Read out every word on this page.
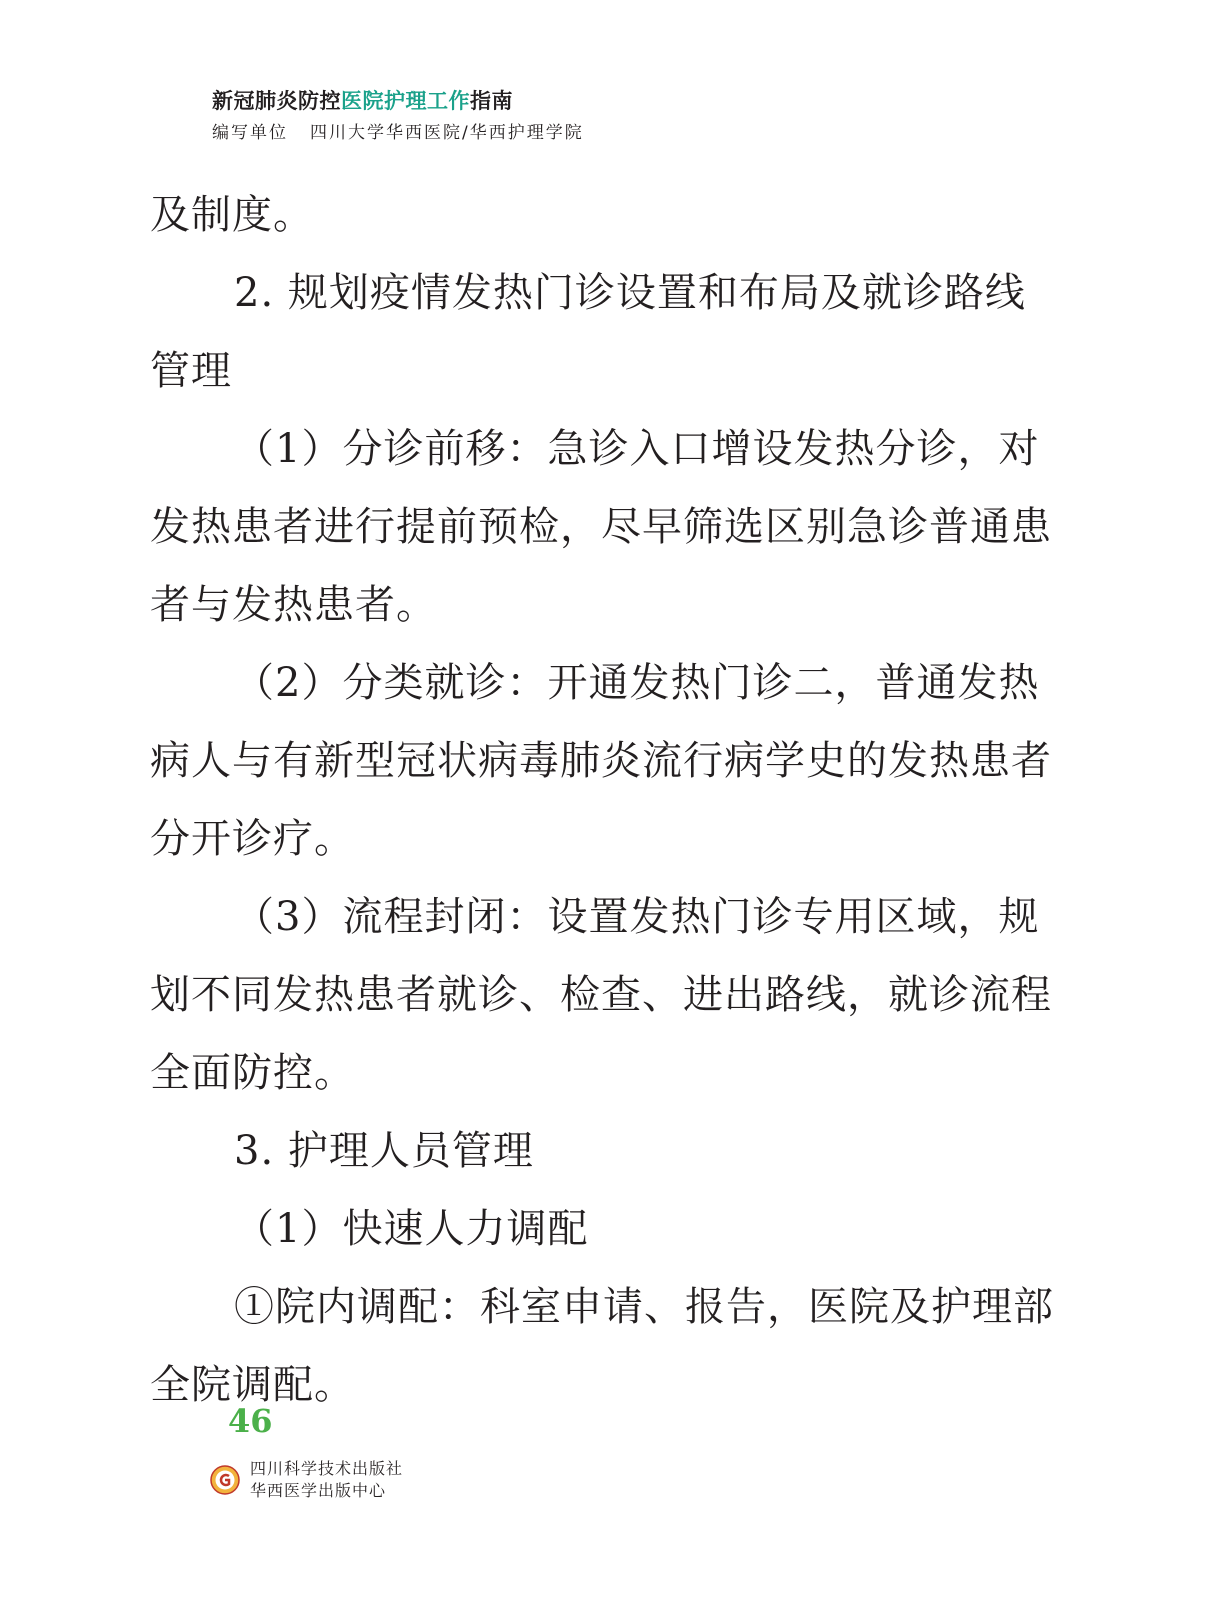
新冠肺炎防控医院护理工作指南
编写单位 四川大学华西医院/华西护理学院

及制度。

2. 规划疫情发热门诊设置和布局及就诊路线

管理

（1）分诊前移：急诊入口增设发热分诊，对

发热患者进行提前预检，尽早筛选区别急诊普通患

者与发热患者。

（2）分类就诊：开通发热门诊二，普通发热

病人与有新型冠状病毒肺炎流行病学史的发热患者

分开诊疗。

（3）流程封闭：设置发热门诊专用区域，规

划不同发热患者就诊、检查、进出路线，就诊流程

全面防控。

3. 护理人员管理

（1）快速人力调配

①院内调配：科室申请、报告，医院及护理部

全院调配。

46
四川科学技术出版社
华西医学出版中心
